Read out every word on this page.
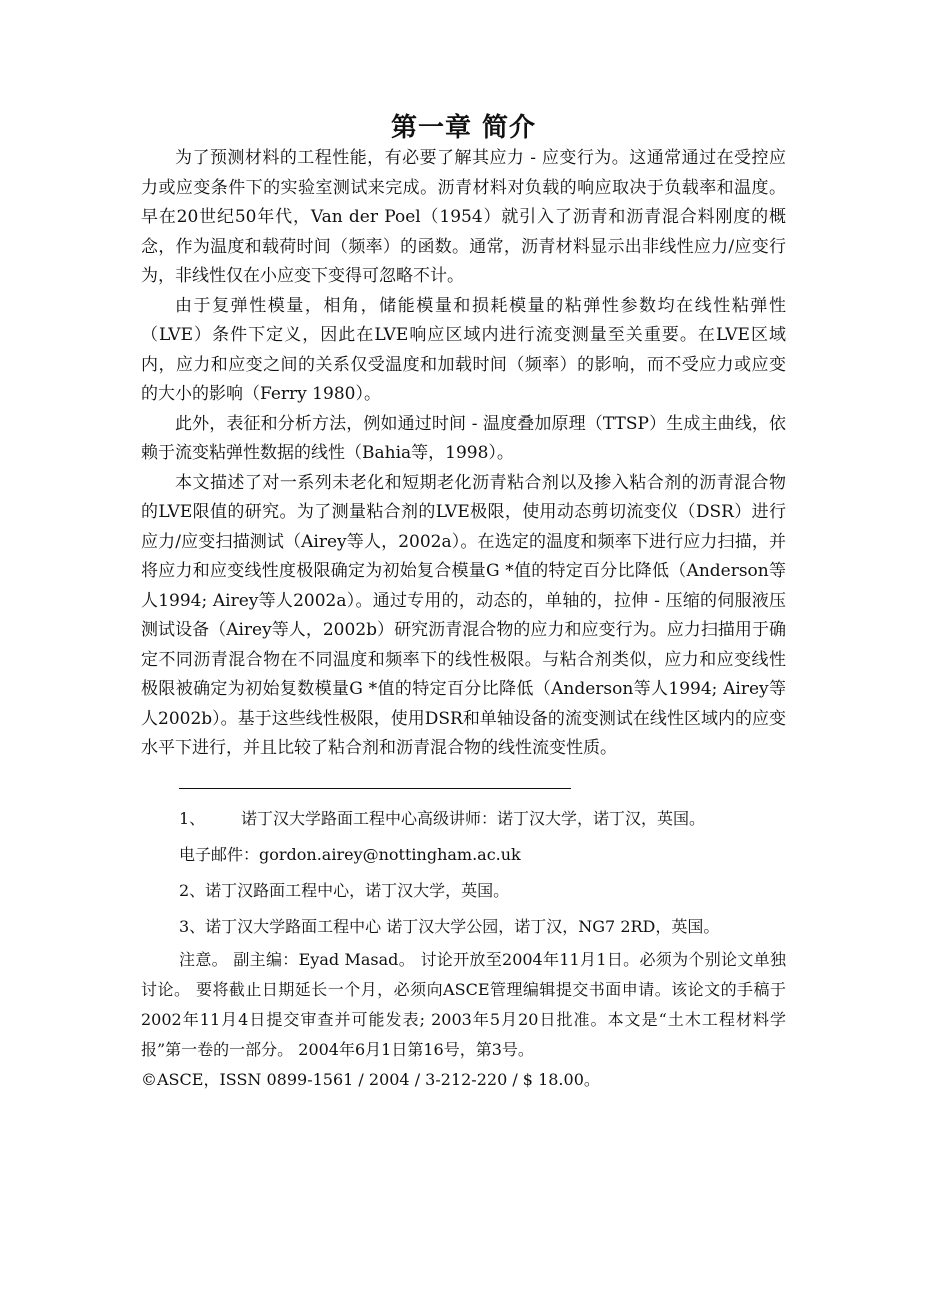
第一章 简介

为了预测材料的工程性能，有必要了解其应力 - 应变行为。这通常通过在受控应力或应变条件下的实验室测试来完成。沥青材料对负载的响应取决于负载率和温度。早在20世纪50年代，Van der Poel（1954）就引入了沥青和沥青混合料刚度的概念，作为温度和载荷时间（频率）的函数。通常，沥青材料显示出非线性应力/应变行为，非线性仅在小应变下变得可忽略不计。

由于复弹性模量，相角，储能模量和损耗模量的粘弹性参数均在线性粘弹性（LVE）条件下定义，因此在LVE响应区域内进行流变测量至关重要。在LVE区域内，应力和应变之间的关系仅受温度和加载时间（频率）的影响，而不受应力或应变的大小的影响（Ferry 1980）。

此外，表征和分析方法，例如通过时间 - 温度叠加原理（TTSP）生成主曲线，依赖于流变粘弹性数据的线性（Bahia等，1998）。

本文描述了对一系列未老化和短期老化沥青粘合剂以及掺入粘合剂的沥青混合物的LVE限值的研究。为了测量粘合剂的LVE极限，使用动态剪切流变仪（DSR）进行应力/应变扫描测试（Airey等人，2002a）。在选定的温度和频率下进行应力扫描，并将应力和应变线性度极限确定为初始复合模量G *值的特定百分比降低（Anderson等人1994; Airey等人2002a）。通过专用的，动态的，单轴的，拉伸 - 压缩的伺服液压测试设备（Airey等人，2002b）研究沥青混合物的应力和应变行为。应力扫描用于确定不同沥青混合物在不同温度和频率下的线性极限。与粘合剂类似，应力和应变线性极限被确定为初始复数模量G *值的特定百分比降低（Anderson等人1994; Airey等人2002b）。基于这些线性极限，使用DSR和单轴设备的流变测试在线性区域内的应变水平下进行，并且比较了粘合剂和沥青混合物的线性流变性质。

1、 诺丁汉大学路面工程中心高级讲师：诺丁汉大学，诺丁汉，英国。

电子邮件：gordon.airey@nottingham.ac.uk

2、诺丁汉路面工程中心，诺丁汉大学，英国。

3、诺丁汉大学路面工程中心 诺丁汉大学公园，诺丁汉，NG7 2RD，英国。

注意。 副主编：Eyad Masad。 讨论开放至2004年11月1日。必须为个别论文单独讨论。 要将截止日期延长一个月，必须向ASCE管理编辑提交书面申请。该论文的手稿于2002年11月4日提交审查并可能发表; 2003年5月20日批准。本文是“土木工程材料学报”第一卷的一部分。 2004年6月1日第16号，第3号。

©ASCE，ISSN 0899-1561 / 2004 / 3-212-220 / $ 18.00。
